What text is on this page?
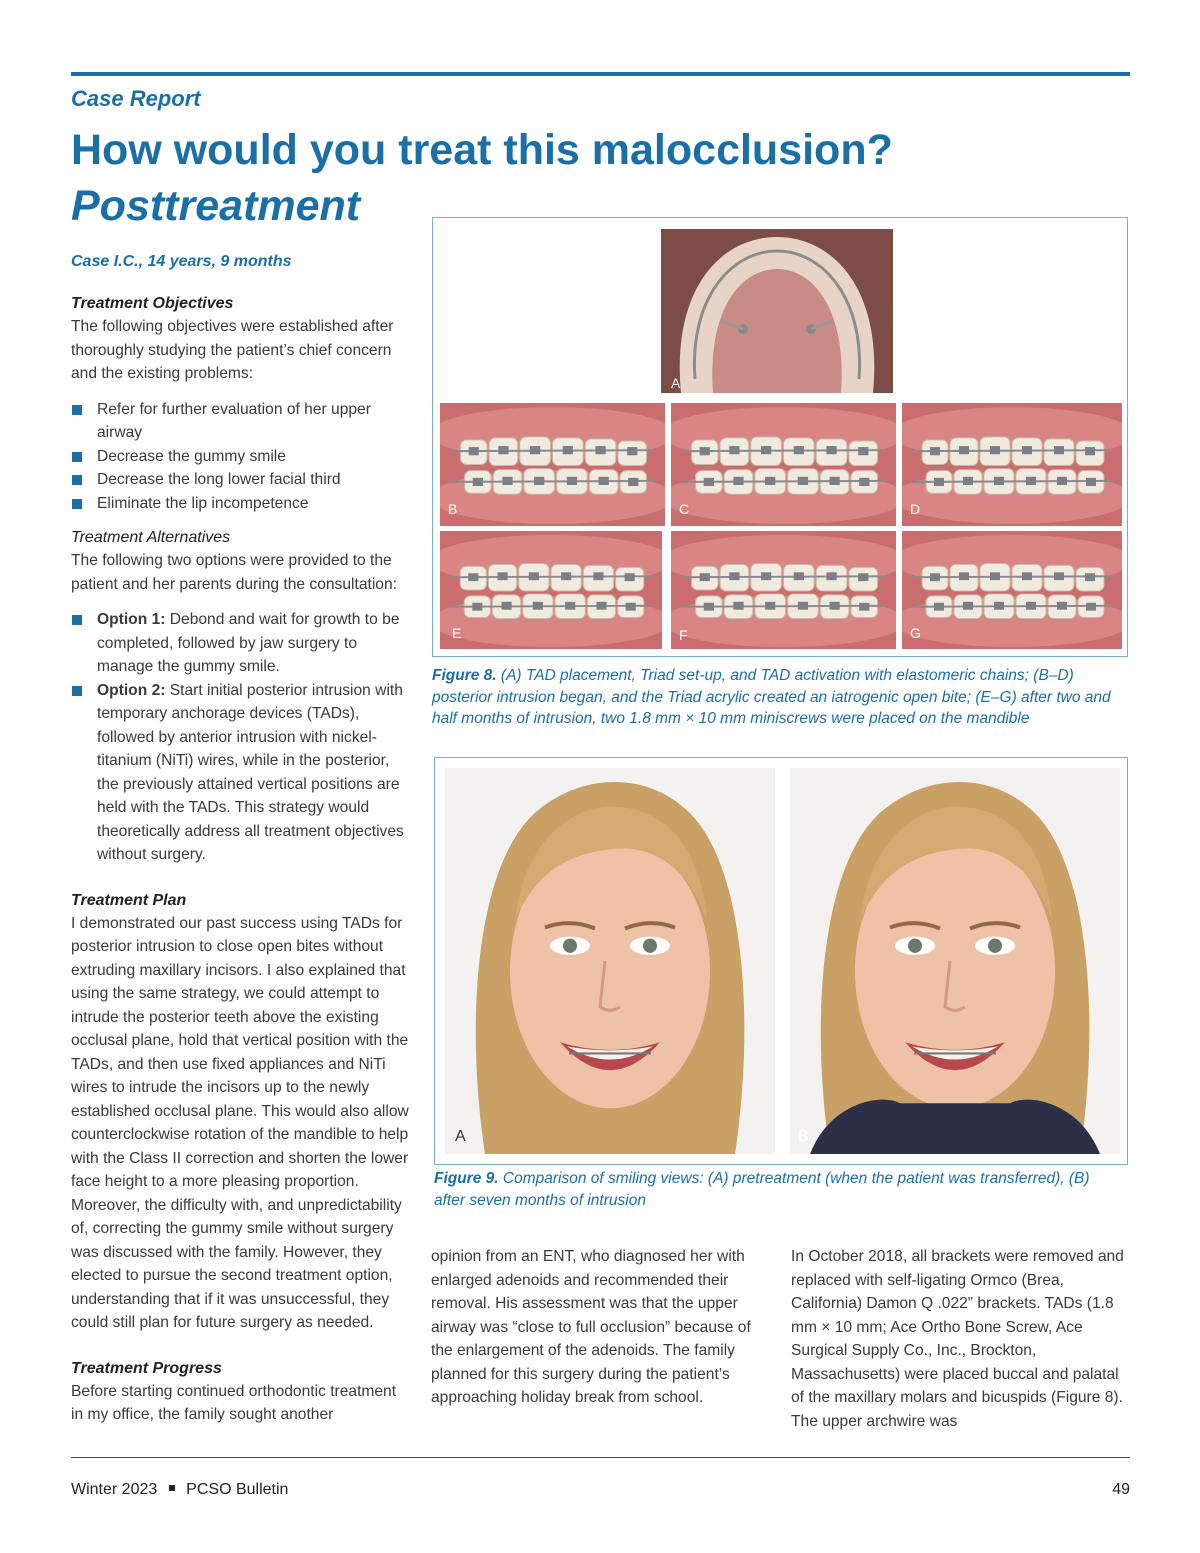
Case Report
How would you treat this malocclusion?
Posttreatment
Case I.C., 14 years, 9 months
Treatment Objectives

The following objectives were established after thoroughly studying the patient’s chief concern and the existing problems:

Refer for further evaluation of her upper airway
Decrease the gummy smile
Decrease the long lower facial third
Eliminate the lip incompetence
Treatment Alternatives

The following two options were provided to the patient and her parents during the consultation:

Option 1: Debond and wait for growth to be completed, followed by jaw surgery to manage the gummy smile.
Option 2: Start initial posterior intrusion with temporary anchorage devices (TADs), followed by anterior intrusion with nickel-titanium (NiTi) wires, while in the posterior, the previously attained vertical positions are held with the TADs. This strategy would theoretically address all treatment objectives without surgery.
Treatment Plan

I demonstrated our past success using TADs for posterior intrusion to close open bites without extruding maxillary incisors. I also explained that using the same strategy, we could attempt to intrude the posterior teeth above the existing occlusal plane, hold that vertical position with the TADs, and then use fixed appliances and NiTi wires to intrude the incisors up to the newly established occlusal plane. This would also allow counterclockwise rotation of the mandible to help with the Class II correction and shorten the lower face height to a more pleasing proportion. Moreover, the difficulty with, and unpredictability of, correcting the gummy smile without surgery was discussed with the family. However, they elected to pursue the second treatment option, understanding that if it was unsuccessful, they could still plan for future surgery as needed.

Treatment Progress

Before starting continued orthodontic treatment in my office, the family sought another

A
B	C	D
E	F	G
Figure 8. (A) TAD placement, Triad set-up, and TAD activation with elastomeric chains; (B–D) posterior intrusion began, and the Triad acrylic created an iatrogenic open bite; (E–G) after two and half months of intrusion, two 1.8 mm × 10 mm miniscrews were placed on the mandible
A	B
Figure 9. Comparison of smiling views: (A) pretreatment (when the patient was transferred), (B) after seven months of intrusion

opinion from an ENT, who diagnosed her with enlarged adenoids and recommended their removal. His assessment was that the upper airway was “close to full occlusion” because of the enlargement of the adenoids. The family planned for this surgery during the patient’s approaching holiday break from school.

In October 2018, all brackets were removed and replaced with self-ligating Ormco (Brea, California) Damon Q .022” brackets. TADs (1.8 mm × 10 mm; Ace Ortho Bone Screw, Ace Surgical Supply Co., Inc., Brockton, Massachusetts) were placed buccal and palatal of the maxillary molars and bicuspids (Figure 8). The upper archwire was

Winter 2023 PCSO Bulletin	49
